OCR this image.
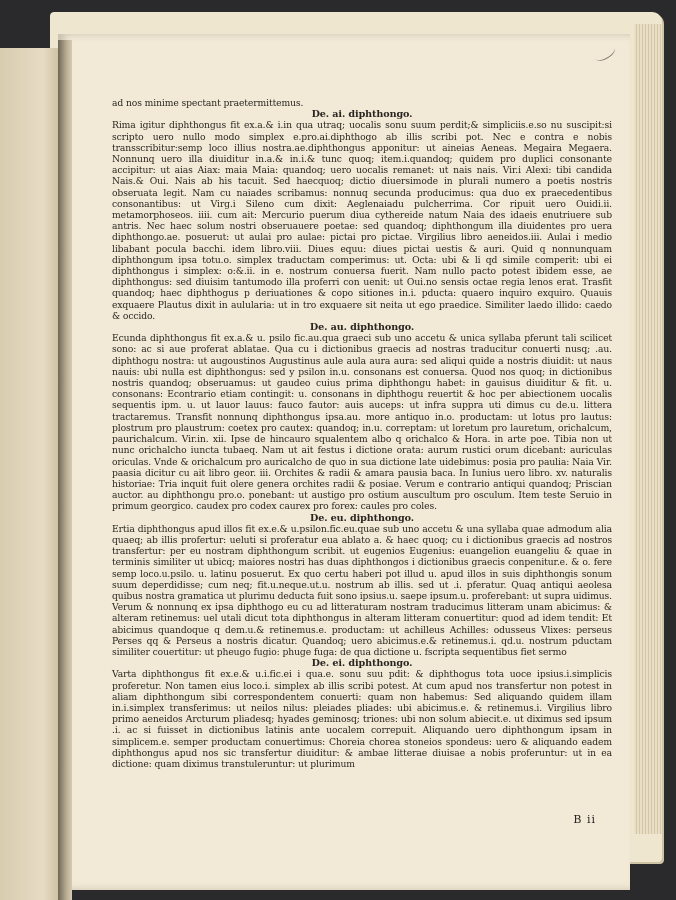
ad nos minime spectant praetermittemus.

De. ai. diphthongo.

Rima igitur diphthongus fit ex.a.& i.in qua utraq; uocalis sonu suum perdit;& simpliciis.e.so nu suscipit:si scripto uero nullo modo simplex e.pro.ai.diphthogo ab illis scribi pot. Nec e contra e nobis transscribitur:semp loco illius nostra.ae.diphthongus apponitur: ut aineias Aeneas. Megaira Megaera. Nonnunq uero illa diuiditur in.a.& in.i.& tunc quoq; item.i.quandoq; quidem pro duplici consonante accipitur: ut aias Aiax: maia Maia: quandoq; uero uocalis remanet: ut nais nais. Vir.i Alexi: tibi candida Nais.& Oui. Nais ab his tacuit. Sed haecquoq; dictio diuersimode in plurali numero a poetis nostris obseruata legit. Nam cu naiades scribamus: nonnuq secunda producimus: qua duo ex praecedentibus consonantibus: ut Virg.i Sileno cum dixit: Aeglenaiadu pulcherrima. Cor ripuit uero Ouidi.ii. metamorphoseos. iiii. cum ait: Mercurio puerum diua cythereide natum Naia des idaeis enutriuere sub antris. Nec haec solum nostri obseruauere poetae: sed quandoq; diphthongum illa diuidentes pro uera diphthongo.ae. posuerut: ut aulai pro aulae: pictai pro pictae. Virgilius libro aeneidos.iii. Aulai i medio libabant pocula bacchi. idem libro.viii. Diues equu: diues pictai uestis & auri. Quid q nonnunquam diphthongum ipsa totu.o. simplex traductam comperimus: ut. Octa: ubi & li qd simile comperit: ubi ei diphthongus i simplex: o:&.ii. in e. nostrum conuersa fuerit. Nam nullo pacto potest ibidem esse, ae diphthongus: sed diuisim tantumodo illa proferri con uenit: ut Oui.no sensis octae regia lenos erat. Trasfit quandoq; haec diphthogus p deriuationes & copo sitiones in.i. pducta: quaero inquiro exquiro. Quauis exquaere Plautus dixit in aulularia: ut in tro exquaere sit neita ut ego praedice. Similiter laedo illido: caedo & occido.

De. au. diphthongo.

Ecunda diphthongus fit ex.a.& u. psilo fic.au.qua graeci sub uno accetu & unica syllaba pferunt tali scilicet sono: ac si aue proferat ablatae. Qua cu i dictionibus graecis ad nostras traducitur conuerti nusq; .au. diphthogu nostra: ut augoustinos Augustinus aule aula aura aura: sed aliqui quide a nostris diuidit: ut naus nauis: ubi nulla est diphthongus: sed y psilon in.u. consonans est conuersa. Quod nos quoq; in dictionibus nostris quandoq; obseruamus: ut gaudeo cuius prima diphthongu habet: in gauisus diuiditur & fit. u. consonans: Econtrario etiam contingit: u. consonans in diphthogu reuertit & hoc per abiectionem uocalis sequentis ipm. u. ut lauor lauus: fauco fautor: auis auceps: ut infra suppra uti dimus cu de.u. littera tractaremus. Transfit nonnunq diphthongus ipsa.au. more antiquo in.o. productam: ut lotus pro lautus: plostrum pro plaustrum: coetex pro cautex: quandoq; in.u. correptam: ut loretum pro lauretum, orichalcum, paurichalcum. Vir.in. xii. Ipse de hincauro squalentem albo q orichalco & Hora. in arte poe. Tibia non ut nunc orichalcho iuncta tubaeq. Nam ut ait festus i dictione orata: aurum rustici orum dicebant: auriculas oriculas. Vnde & orichalcum pro auricalcho de quo in sua dictione late uidebimus: posia pro paulia: Naia Vir. paasia dicitur cu ait libro geor. iii. Orchites & radii & amara pausia baca. In Iunius uero libro. xv. naturalis historiae: Tria inquit fuit olere genera orchites radii & posiae. Verum e contrario antiqui quandoq; Priscian auctor. au diphthongu pro.o. ponebant: ut austigo pro ostium auscultum pro osculum. Item teste Seruio in primum georgico. caudex pro codex caurex pro forex: caules pro coles.

De. eu. diphthongo.

Ertia diphthongus apud illos fit ex.e.& u.psilon.fic.eu.quae sub uno accetu & una syllaba quae admodum alia quaeq; ab illis profertur: ueluti si proferatur eua ablato a. & haec quoq; cu i dictionibus graecis ad nostros transfertur: per eu nostram diphthongum scribit. ut eugenios Eugenius: euangelion euangeliu & quae in terminis similiter ut ubicq; maiores nostri has duas diphthongos i dictionibus graecis conpenitur.e. & o. fere semp loco.u.psilo. u. latinu posuerut. Ex quo certu haberi pot illud u. apud illos in suis diphthongis sonum suum deperdidisse; cum neq; fit.u.neque.ut.u. nostrum ab illis. sed ut .i. pferatur. Quaq antiqui aeolesa quibus nostra gramatica ut plurimu deducta fuit sono ipsius.u. saepe ipsum.u. proferebant: ut supra uidimus. Verum & nonnunq ex ipsa diphthogo eu cu ad litteraturam nostram traducimus litteram unam abicimus: & alteram retinemus: uel utali dicut tota diphthongus in alteram litteram conuertitur: quod ad idem tendit: Et abicimus quandoque q dem.u.& retinemus.e. productam: ut achilleus Achilles: odusseus Vlixes: perseus Perses qq & Perseus a nostris dicatur. Quandoq; uero abicimus.e.& retinemus.i. qd.u. nostrum pductam similiter couertitur: ut pheugo fugio: phuge fuga: de qua dictione u. fscripta sequentibus fiet sermo

De. ei. diphthongo.

Varta diphthongus fit ex.e.& u.i.fic.ei i qua.e. sonu suu pdit: & diphthogus tota uoce ipsius.i.simplicis proferetur. Non tamen eius loco.i. simplex ab illis scribi potest. At cum apud nos transfertur non potest in aliam diphthongum sibi correspondentem conuerti: quam non habemus: Sed aliquando quidem illam in.i.simplex transferimus: ut neilos nilus: pleiades pliades: ubi abicimus.e. & retinemus.i. Virgilius libro primo aeneidos Arcturum pliadesq; hyades geminosq; triones: ubi non solum abiecit.e. ut diximus sed ipsum .i. ac si fuisset in dictionibus latinis ante uocalem correpuit. Aliquando uero diphthongum ipsam in simplicem.e. semper productam conuertimus: Choreia chorea stoneios spondeus: uero & aliquando eadem diphthongus apud nos sic transfertur diuiditur: & ambae litterae diuisae a nobis proferuntur: ut in ea dictione: quam diximus transtuleruntur: ut plurimum

B ii
